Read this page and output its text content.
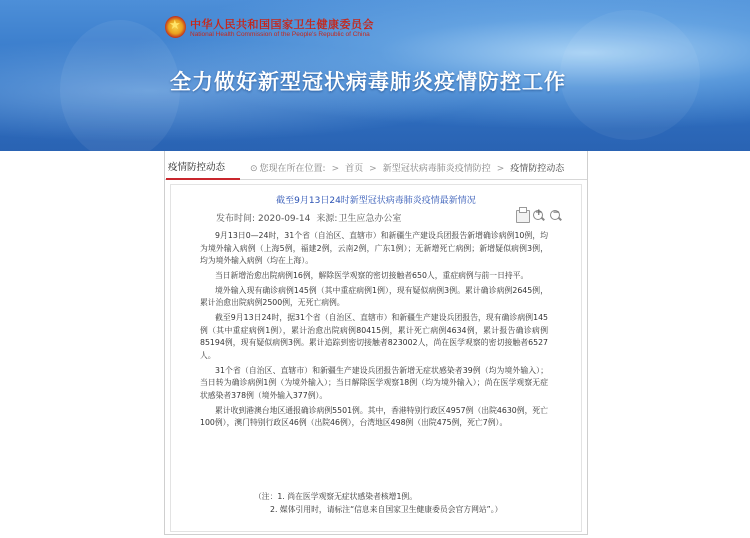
★
中华人民共和国国家卫生健康委员会
National Health Commission of the People's Republic of China
全力做好新型冠状病毒肺炎疫情防控工作
疫情防控动态	⊙ 您现在所在位置: > 首页 > 新型冠状病毒肺炎疫情防控 > 疫情防控动态
截至9月13日24时新型冠状病毒肺炎疫情最新情况
发布时间: 2020-09-14 来源:卫生应急办公室
+ −

9月13日0—24时，31个省（自治区、直辖市）和新疆生产建设兵团报告新增确诊病例10例，均为境外输入病例（上海5例，福建2例，云南2例，广东1例）；无新增死亡病例；新增疑似病例3例，均为境外输入病例（均在上海）。

当日新增治愈出院病例16例，解除医学观察的密切接触者650人，重症病例与前一日持平。

境外输入现有确诊病例145例（其中重症病例1例），现有疑似病例3例。累计确诊病例2645例，累计治愈出院病例2500例，无死亡病例。

截至9月13日24时，据31个省（自治区、直辖市）和新疆生产建设兵团报告，现有确诊病例145例（其中重症病例1例），累计治愈出院病例80415例，累计死亡病例4634例，累计报告确诊病例85194例，现有疑似病例3例。累计追踪到密切接触者823002人，尚在医学观察的密切接触者6527人。

31个省（自治区、直辖市）和新疆生产建设兵团报告新增无症状感染者39例（均为境外输入）；当日转为确诊病例1例（为境外输入）；当日解除医学观察18例（均为境外输入）；尚在医学观察无症状感染者378例（境外输入377例）。

累计收到港澳台地区通报确诊病例5501例。其中，香港特别行政区4957例（出院4630例，死亡100例），澳门特别行政区46例（出院46例），台湾地区498例（出院475例，死亡7例）。

（注：1. 尚在医学观察无症状感染者核增1例。
2. 媒体引用时，请标注“信息来自国家卫生健康委员会官方网站”。）
